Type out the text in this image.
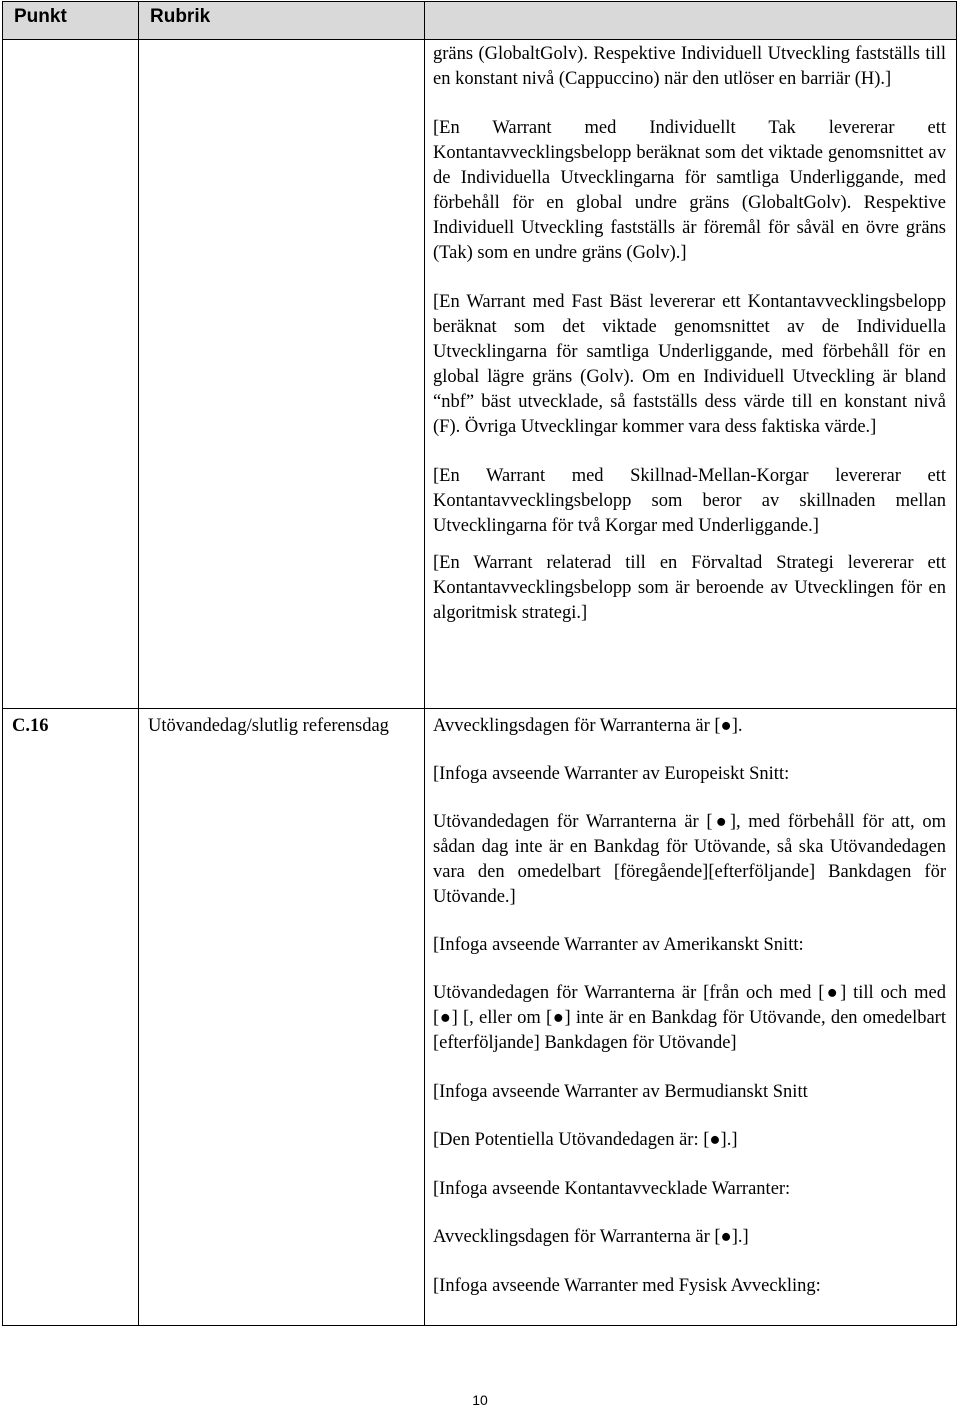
Punkt	Rubrik
C.16	Utövandedag/slutlig referensdag

gräns (GlobaltGolv). Respektive Individuell Utveckling fastställs till en konstant nivå (Cappuccino) när den utlöser en barriär (H).]

[En Warrant med Individuellt Tak levererar ett Kontantavvecklingsbelopp beräknat som det viktade genomsnittet av de Individuella Utvecklingarna för samtliga Underliggande, med förbehåll för en global undre gräns (GlobaltGolv). Respektive Individuell Utveckling fastställs är föremål för såväl en övre gräns (Tak) som en undre gräns (Golv).]

[En Warrant med Fast Bäst levererar ett Kontantavvecklingsbelopp beräknat som det viktade genomsnittet av de Individuella Utvecklingarna för samtliga Underliggande, med förbehåll för en global lägre gräns (Golv). Om en Individuell Utveckling är bland “nbf” bäst utvecklade, så fastställs dess värde till en konstant nivå (F). Övriga Utvecklingar kommer vara dess faktiska värde.]

[En Warrant med Skillnad-Mellan-Korgar levererar ett Kontantavvecklingsbelopp som beror av skillnaden mellan Utvecklingarna för två Korgar med Underliggande.]

[En Warrant relaterad till en Förvaltad Strategi levererar ett Kontantavvecklingsbelopp som är beroende av Utvecklingen för en algoritmisk strategi.]

Avvecklingsdagen för Warranterna är [●].

[Infoga avseende Warranter av Europeiskt Snitt:

Utövandedagen för Warranterna är [●], med förbehåll för att, om sådan dag inte är en Bankdag för Utövande, så ska Utövandedagen vara den omedelbart [föregående][efterföljande] Bankdagen för Utövande.]

[Infoga avseende Warranter av Amerikanskt Snitt:

Utövandedagen för Warranterna är [från och med [●] till och med [●] [, eller om [●] inte är en Bankdag för Utövande, den omedelbart [efterföljande] Bankdagen för Utövande]

[Infoga avseende Warranter av Bermudianskt Snitt

[Den Potentiella Utövandedagen är: [●].]

[Infoga avseende Kontantavvecklade Warranter:

Avvecklingsdagen för Warranterna är [●].]

[Infoga avseende Warranter med Fysisk Avveckling:

10
